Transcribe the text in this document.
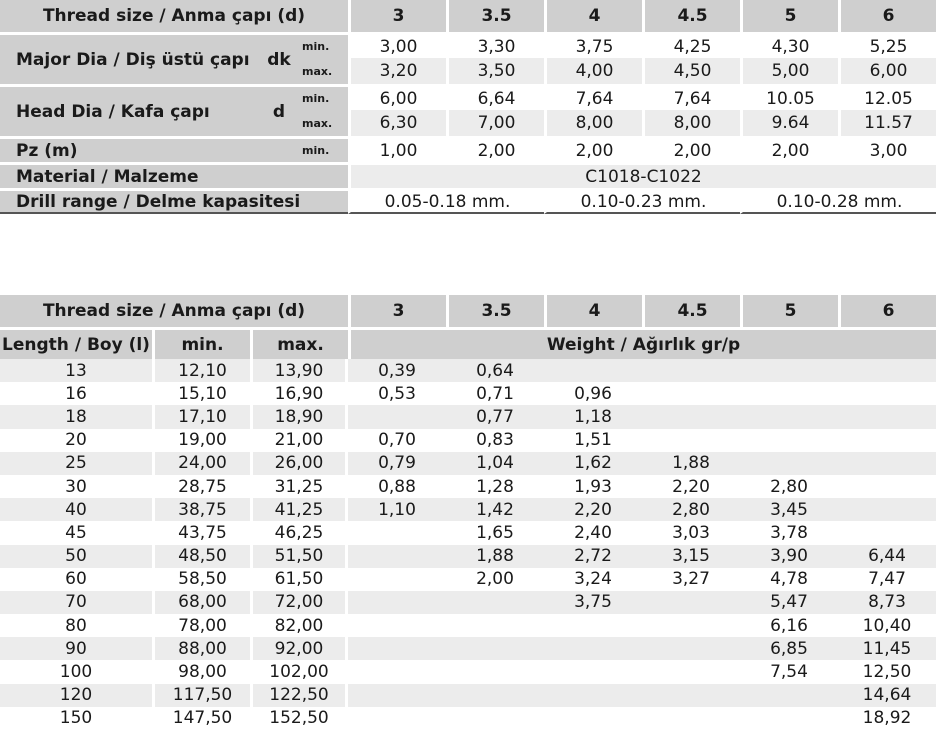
Thread size / Anma çapı (d)			3	3.5	4	4.5	5	6
Major Dia / Diş üstü çapı	dk	min.	3,00	3,30	3,75	4,25	4,30	5,25
		max.	3,20	3,50	4,00	4,50	5,00	6,00
Head Dia / Kafa çapı	d	min.	6,00	6,64	7,64	7,64	10.05	12.05
		max.	6,30	7,00	8,00	8,00	9.64	11.57
Pz (m)		min.	1,00	2,00	2,00	2,00	2,00	3,00
Material / Malzeme			C1018-C1022					
Drill range / Delme kapasitesi			0.05-0.18 mm.		0.10-0.23 mm.		0.10-0.28 mm.	
Thread size / Anma çapı (d)			3	3.5	4	4.5	5	6
Length / Boy (l)	min.	max.	Weight / Ağırlık gr/p					
13	12,10	13,90	0,39	0,64				
16	15,10	16,90	0,53	0,71	0,96			
18	17,10	18,90		0,77	1,18			
20	19,00	21,00	0,70	0,83	1,51			
25	24,00	26,00	0,79	1,04	1,62	1,88		
30	28,75	31,25	0,88	1,28	1,93	2,20	2,80	
40	38,75	41,25	1,10	1,42	2,20	2,80	3,45	
45	43,75	46,25		1,65	2,40	3,03	3,78	
50	48,50	51,50		1,88	2,72	3,15	3,90	6,44
60	58,50	61,50		2,00	3,24	3,27	4,78	7,47
70	68,00	72,00			3,75		5,47	8,73
80	78,00	82,00					6,16	10,40
90	88,00	92,00					6,85	11,45
100	98,00	102,00					7,54	12,50
120	117,50	122,50						14,64
150	147,50	152,50						18,92
